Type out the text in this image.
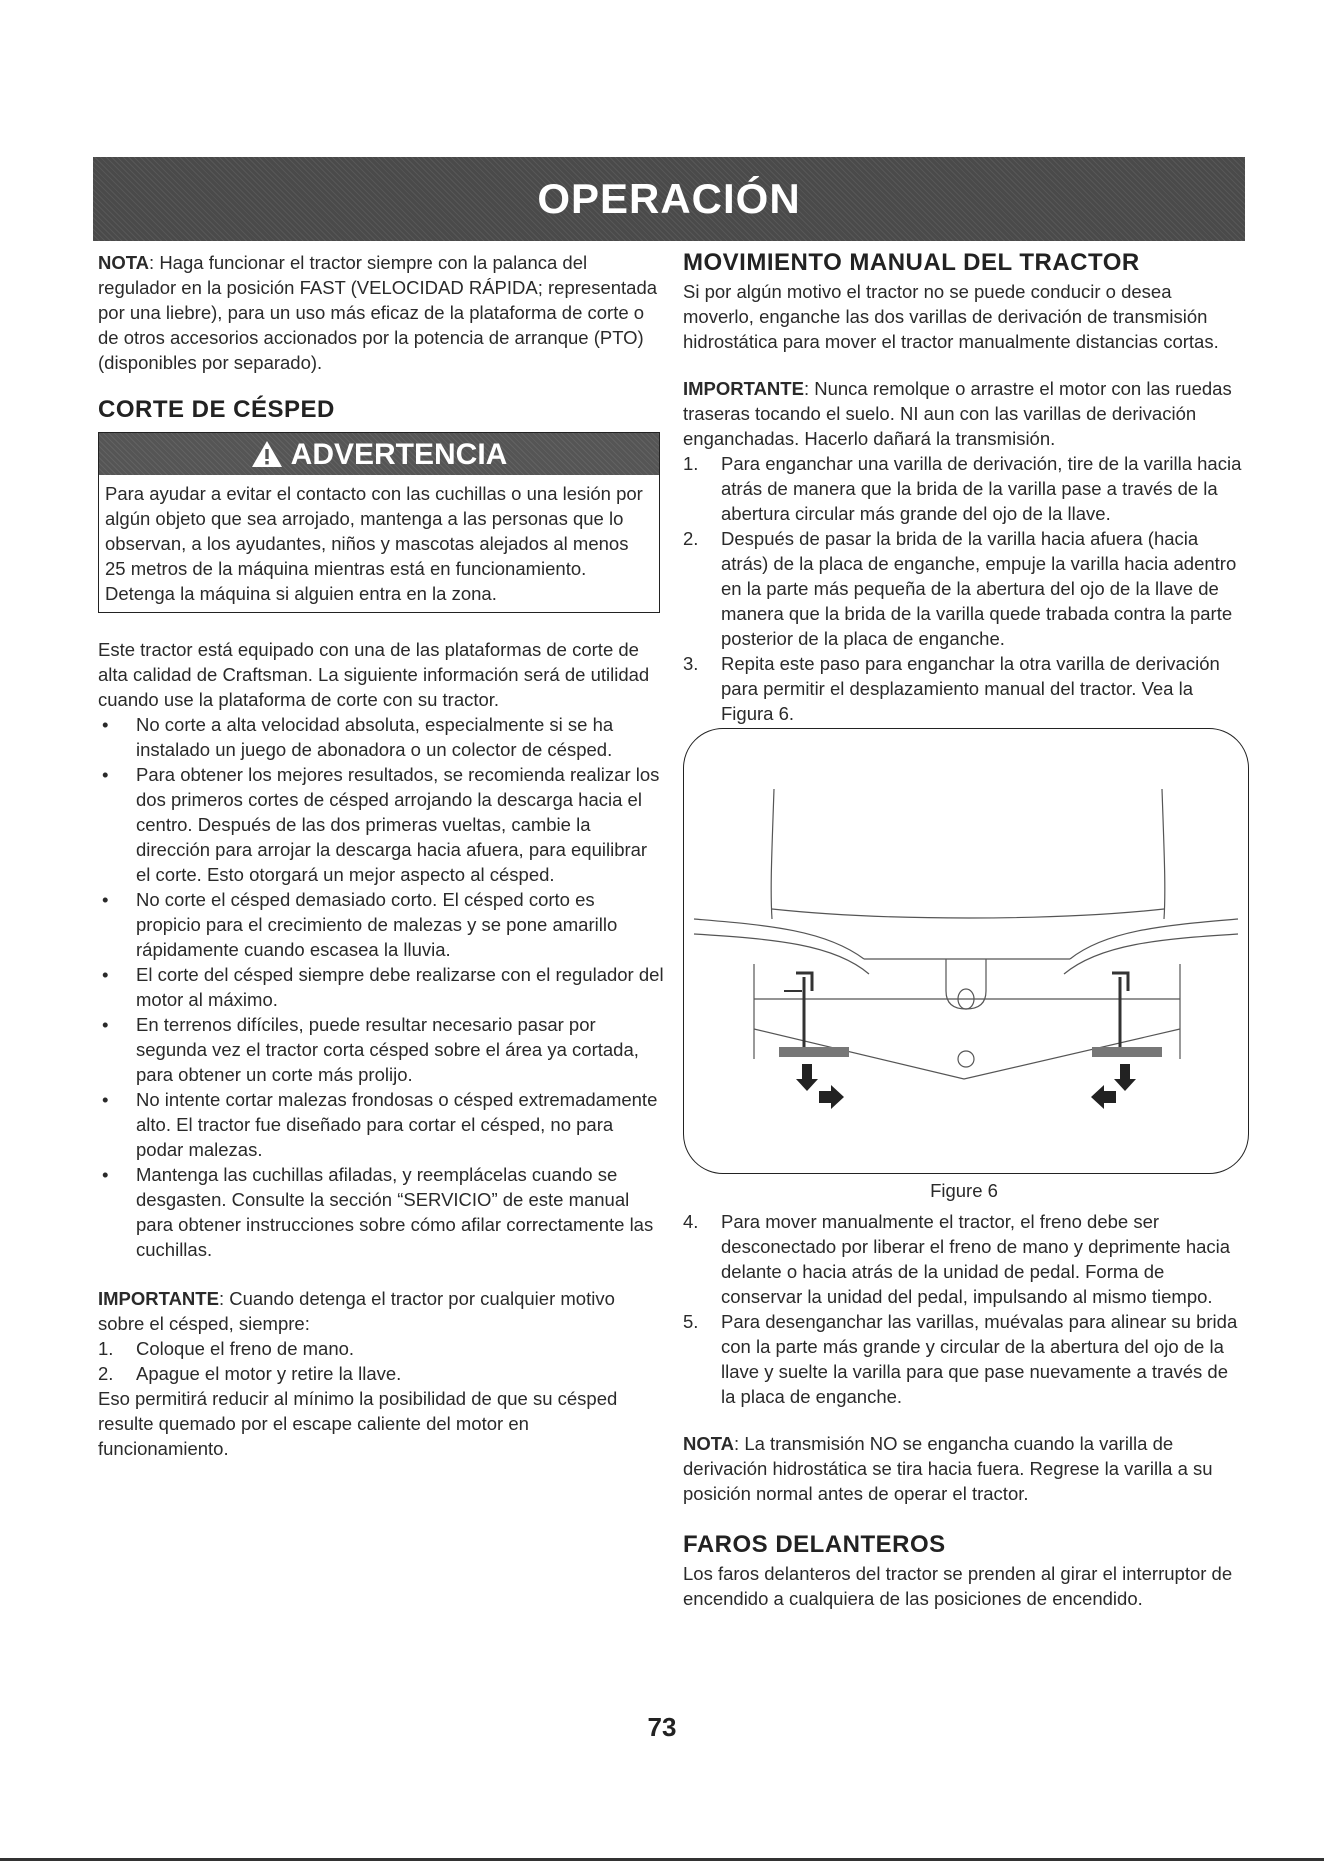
OPERACIÓN

NOTA: Haga funcionar el tractor siempre con la palanca del regulador en la posición FAST (VELOCIDAD RÁPIDA; representada por una liebre), para un uso más eficaz de la plataforma de corte o de otros accesorios accionados por la potencia de arranque (PTO) (disponibles por separado).

CORTE DE CÉSPED
ADVERTENCIA
Para ayudar a evitar el contacto con las cuchillas o una lesión por algún objeto que sea arrojado, mantenga a las personas que lo observan, a los ayudantes, niños y mascotas alejados al menos 25 metros de la máquina mientras está en funcionamiento. Detenga la máquina si alguien entra en la zona.

Este tractor está equipado con una de las plataformas de corte de alta calidad de Craftsman. La siguiente información será de utilidad cuando use la plataforma de corte con su tractor.

• No corte a alta velocidad absoluta, especialmente si se ha instalado un juego de abonadora o un colector de césped.
• Para obtener los mejores resultados, se recomienda realizar los dos primeros cortes de césped arrojando la descarga hacia el centro. Después de las dos primeras vueltas, cambie la dirección para arrojar la descarga hacia afuera, para equilibrar el corte. Esto otorgará un mejor aspecto al césped.
• No corte el césped demasiado corto. El césped corto es propicio para el crecimiento de malezas y se pone amarillo rápidamente cuando escasea la lluvia.
• El corte del césped siempre debe realizarse con el regulador del motor al máximo.
• En terrenos difíciles, puede resultar necesario pasar por segunda vez el tractor corta césped sobre el área ya cortada, para obtener un corte más prolijo.
• No intente cortar malezas frondosas o césped extremadamente alto. El tractor fue diseñado para cortar el césped, no para podar malezas.
• Mantenga las cuchillas afiladas, y reemplácelas cuando se desgasten. Consulte la sección “SERVICIO” de este manual para obtener instrucciones sobre cómo afilar correctamente las cuchillas.

IMPORTANTE: Cuando detenga el tractor por cualquier motivo sobre el césped, siempre:

1. Coloque el freno de mano.
2. Apague el motor y retire la llave.

Eso permitirá reducir al mínimo la posibilidad de que su césped resulte quemado por el escape caliente del motor en funcionamiento.

MOVIMIENTO MANUAL DEL TRACTOR

Si por algún motivo el tractor no se puede conducir o desea moverlo, enganche las dos varillas de derivación de transmisión hidrostática para mover el tractor manualmente distancias cortas.

IMPORTANTE: Nunca remolque o arrastre el motor con las ruedas traseras tocando el suelo. NI aun con las varillas de derivación enganchadas. Hacerlo dañará la transmisión.

1. Para enganchar una varilla de derivación, tire de la varilla hacia atrás de manera que la brida de la varilla pase a través de la abertura circular más grande del ojo de la llave.
2. Después de pasar la brida de la varilla hacia afuera (hacia atrás) de la placa de enganche, empuje la varilla hacia adentro en la parte más pequeña de la abertura del ojo de la llave de manera que la brida de la varilla quede trabada contra la parte posterior de la placa de enganche.
3. Repita este paso para enganchar la otra varilla de derivación para permitir el desplazamiento manual del tractor. Vea la Figura 6.
Figure 6
4. Para mover manualmente el tractor, el freno debe ser desconectado por liberar el freno de mano y deprimente hacia delante o hacia atrás de la unidad de pedal. Forma de conservar la unidad del pedal, impulsando al mismo tiempo.
5. Para desenganchar las varillas, muévalas para alinear su brida con la parte más grande y circular de la abertura del ojo de la llave y suelte la varilla para que pase nuevamente a través de la placa de enganche.

NOTA: La transmisión NO se engancha cuando la varilla de derivación hidrostática se tira hacia fuera. Regrese la varilla a su posición normal antes de operar el tractor.

FAROS DELANTEROS

Los faros delanteros del tractor se prenden al girar el interruptor de encendido a cualquiera de las posiciones de encendido.

73
